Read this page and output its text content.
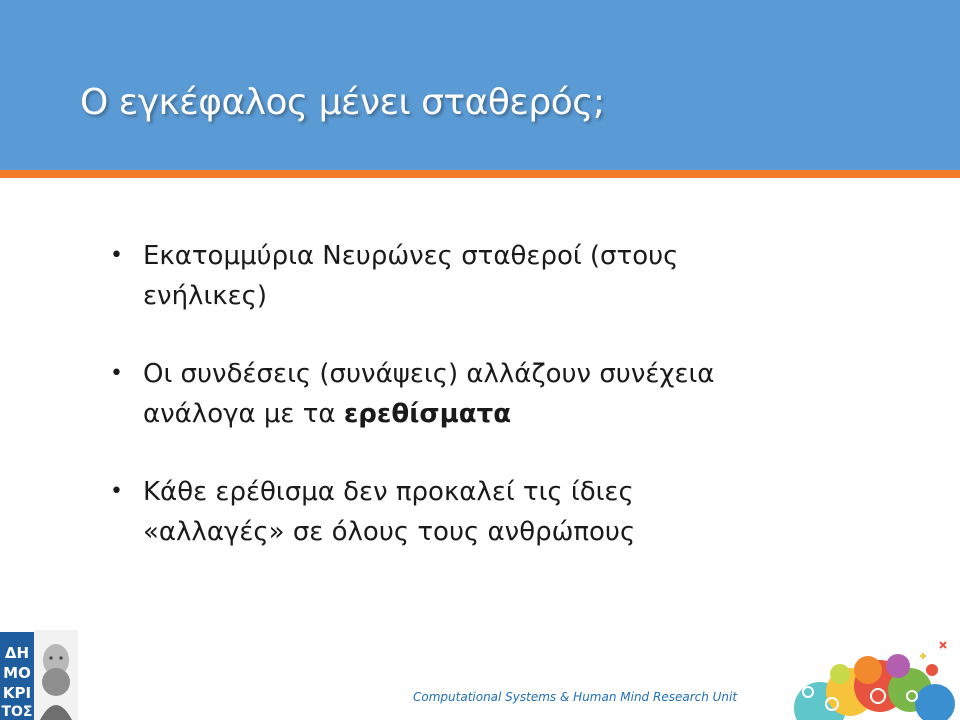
Ο εγκέφαλος μένει σταθερός;
• Εκατομμύρια Νευρώνες σταθεροί (στους
ενήλικες)
• Οι συνδέσεις (συνάψεις) αλλάζουν συνέχεια
ανάλογα με τα ερεθίσματα
• Κάθε ερέθισμα δεν προκαλεί τις ίδιες
«αλλαγές» σε όλους τους ανθρώπους
Computational Systems & Human Mind Research Unit
ΔΗ
ΜΟ
ΚΡΙ
ΤΟΣ
